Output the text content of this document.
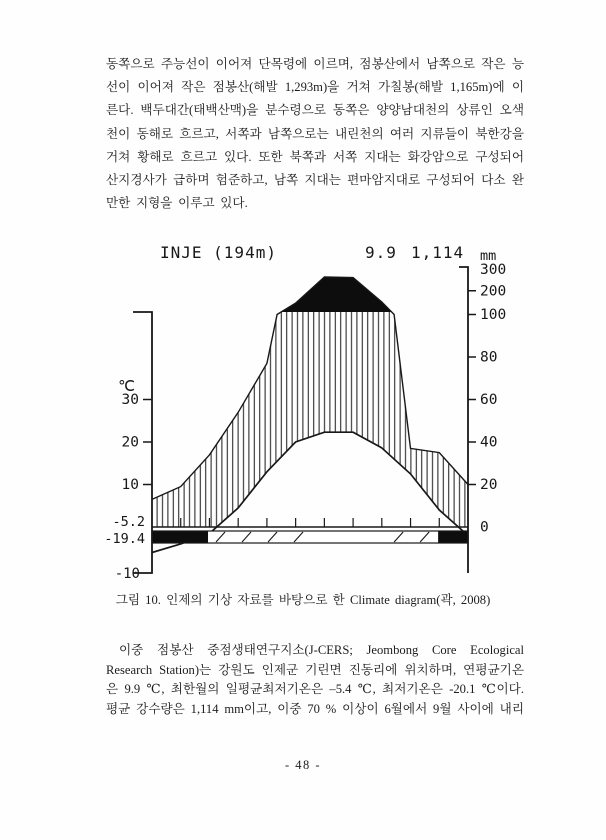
동쪽으로 주능선이 이어져 단목령에 이르며, 점봉산에서 남쪽으로 작은 능
선이 이어져 작은 점봉산(해발 1,293m)을 거쳐 가칠봉(해발 1,165m)에 이
른다. 백두대간(태백산맥)을 분수령으로 동쪽은 양양남대천의 상류인 오색
천이 동해로 흐르고, 서쪽과 남쪽으로는 내린천의 여러 지류들이 북한강을
거쳐 황해로 흐르고 있다. 또한 북쪽과 서쪽 지대는 화강암으로 구성되어
산지경사가 급하며 험준하고, 남쪽 지대는 편마암지대로 구성되어 다소 완
만한 지형을 이루고 있다.
30
20
10
℃
-5.2
-19.4
-10
300
200
100
80
60
40
20
0
mm
INJE (194m)	9.9 1,114
그림 10. 인제의 기상 자료를 바탕으로 한 Climate diagram(곽, 2008)
이중 점봉산 중점생태연구지소(J-CERS; Jeombong Core Ecological
Research Station)는 강원도 인제군 기린면 진동리에 위치하며, 연평균기온
은 9.9 ℃, 최한월의 일평균최저기온은 –5.4 ℃, 최저기온은 -20.1 ℃이다.
평균 강수량은 1,114 mm이고, 이중 70 % 이상이 6월에서 9월 사이에 내리
- 48 -
